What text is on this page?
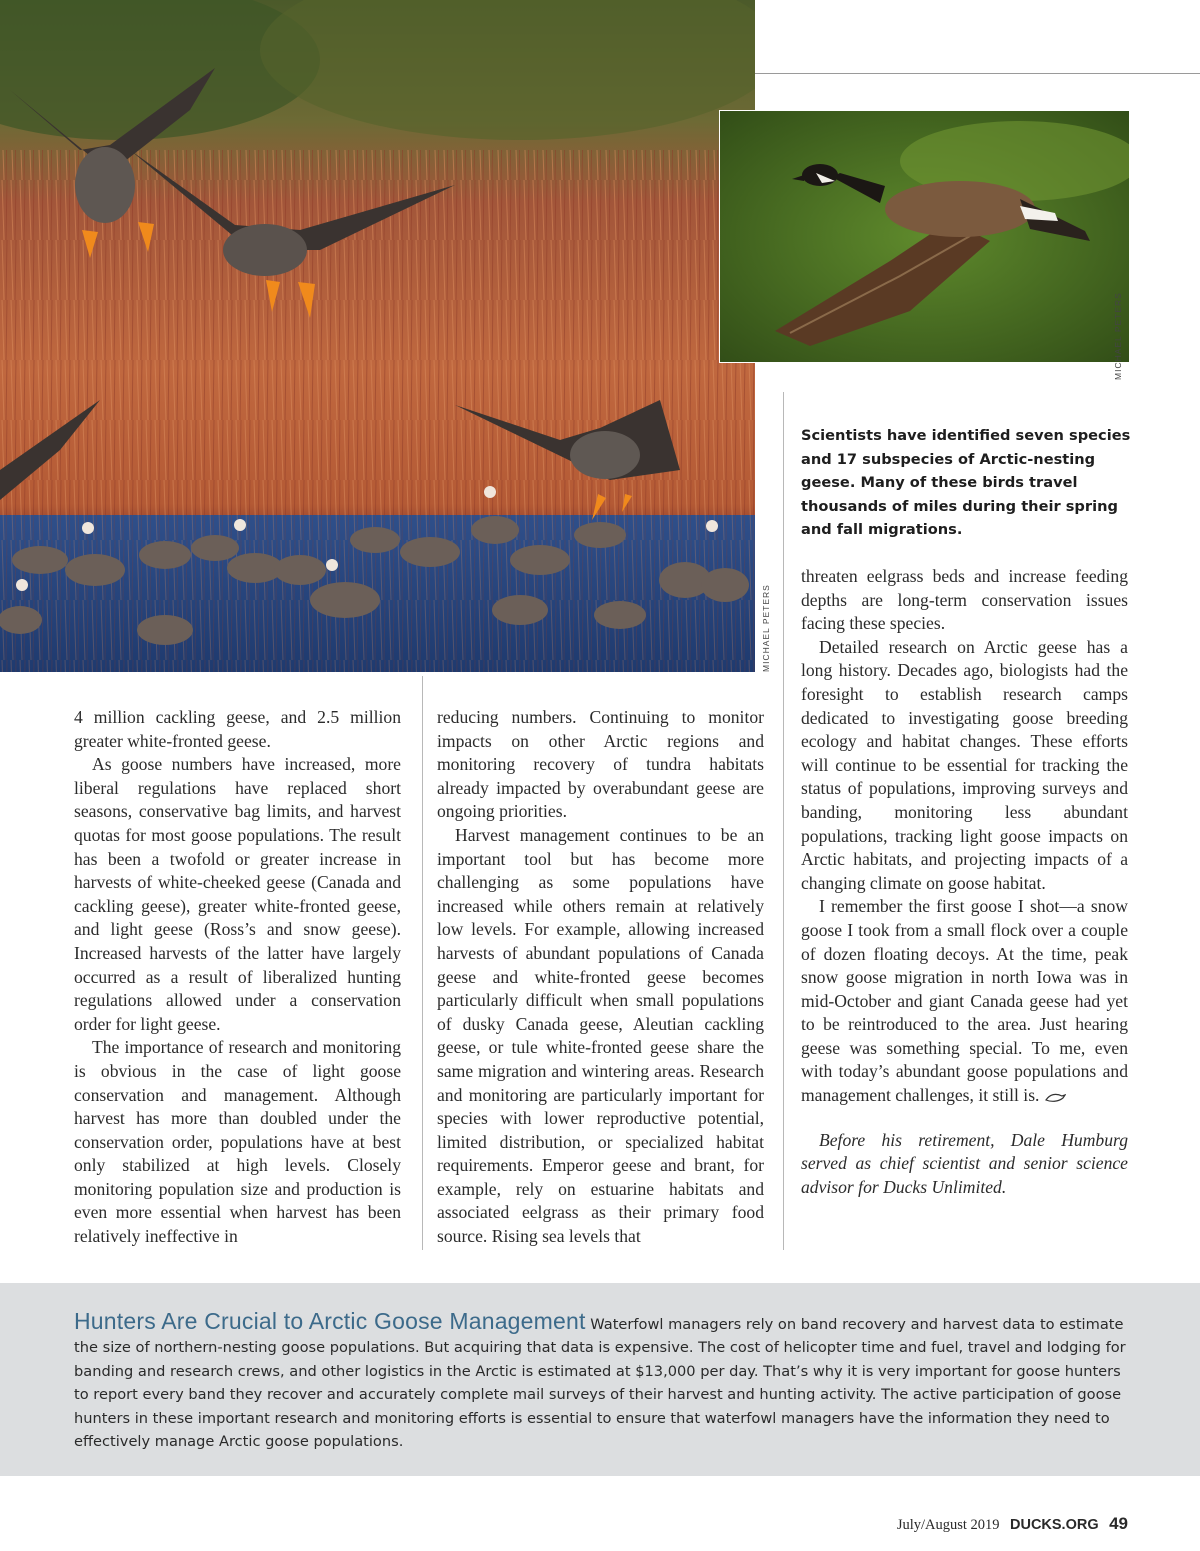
MICHAEL PETERS
MICHAEL PETERS
Scientists have identified seven species and 17 subspecies of Arctic-nesting geese. Many of these birds travel thousands of miles during their spring and fall migrations.

4 million cackling geese, and 2.5 million greater white-fronted geese.

As goose numbers have increased, more liberal regulations have replaced short seasons, conservative bag limits, and harvest quotas for most goose populations. The result has been a twofold or greater increase in harvests of white-cheeked geese (Canada and cackling geese), greater white-fronted geese, and light geese (Ross’s and snow geese). Increased harvests of the latter have largely occurred as a result of liberalized hunting regulations allowed under a conservation order for light geese.

The importance of research and monitoring is obvious in the case of light goose conservation and management. Although harvest has more than doubled under the conservation order, populations have at best only stabilized at high levels. Closely monitoring population size and production is even more essential when harvest has been relatively ineffective in

reducing numbers. Continuing to monitor impacts on other Arctic regions and monitoring recovery of tundra habitats already impacted by overabundant geese are ongoing priorities.

Harvest management continues to be an important tool but has become more challenging as some populations have increased while others remain at relatively low levels. For example, allowing increased harvests of abundant populations of Canada geese and white-fronted geese becomes particularly difficult when small populations of dusky Canada geese, Aleutian cackling geese, or tule white-fronted geese share the same migration and wintering areas. Research and monitoring are particularly important for species with lower reproductive potential, limited distribution, or specialized habitat requirements. Emperor geese and brant, for example, rely on estuarine habitats and associated eelgrass as their primary food source. Rising sea levels that

threaten eelgrass beds and increase feeding depths are long-term conservation issues facing these species.

Detailed research on Arctic geese has a long history. Decades ago, biologists had the foresight to establish research camps dedicated to investigating goose breeding ecology and habitat changes. These efforts will continue to be essential for tracking the status of populations, improving surveys and banding, monitoring less abundant populations, tracking light goose impacts on Arctic habitats, and projecting impacts of a changing climate on goose habitat.

I remember the first goose I shot—a snow goose I took from a small flock over a couple of dozen floating decoys. At the time, peak snow goose migration in north Iowa was in mid-October and giant Canada geese had yet to be reintroduced to the area. Just hearing geese was something special. To me, even with today’s abundant goose populations and management challenges, it still is.

Before his retirement, Dale Humburg served as chief scientist and senior science advisor for Ducks Unlimited.

Hunters Are Crucial to Arctic Goose Management Waterfowl managers rely on band recovery and harvest data to estimate the size of northern-nesting goose populations. But acquiring that data is expensive. The cost of helicopter time and fuel, travel and lodging for banding and research crews, and other logistics in the Arctic is estimated at $13,000 per day. That’s why it is very important for goose hunters to report every band they recover and accurately complete mail surveys of their harvest and hunting activity. The active participation of goose hunters in these important research and monitoring efforts is essential to ensure that waterfowl managers have the information they need to effectively manage Arctic goose populations.
July/August 2019 DUCKS.ORG 49
